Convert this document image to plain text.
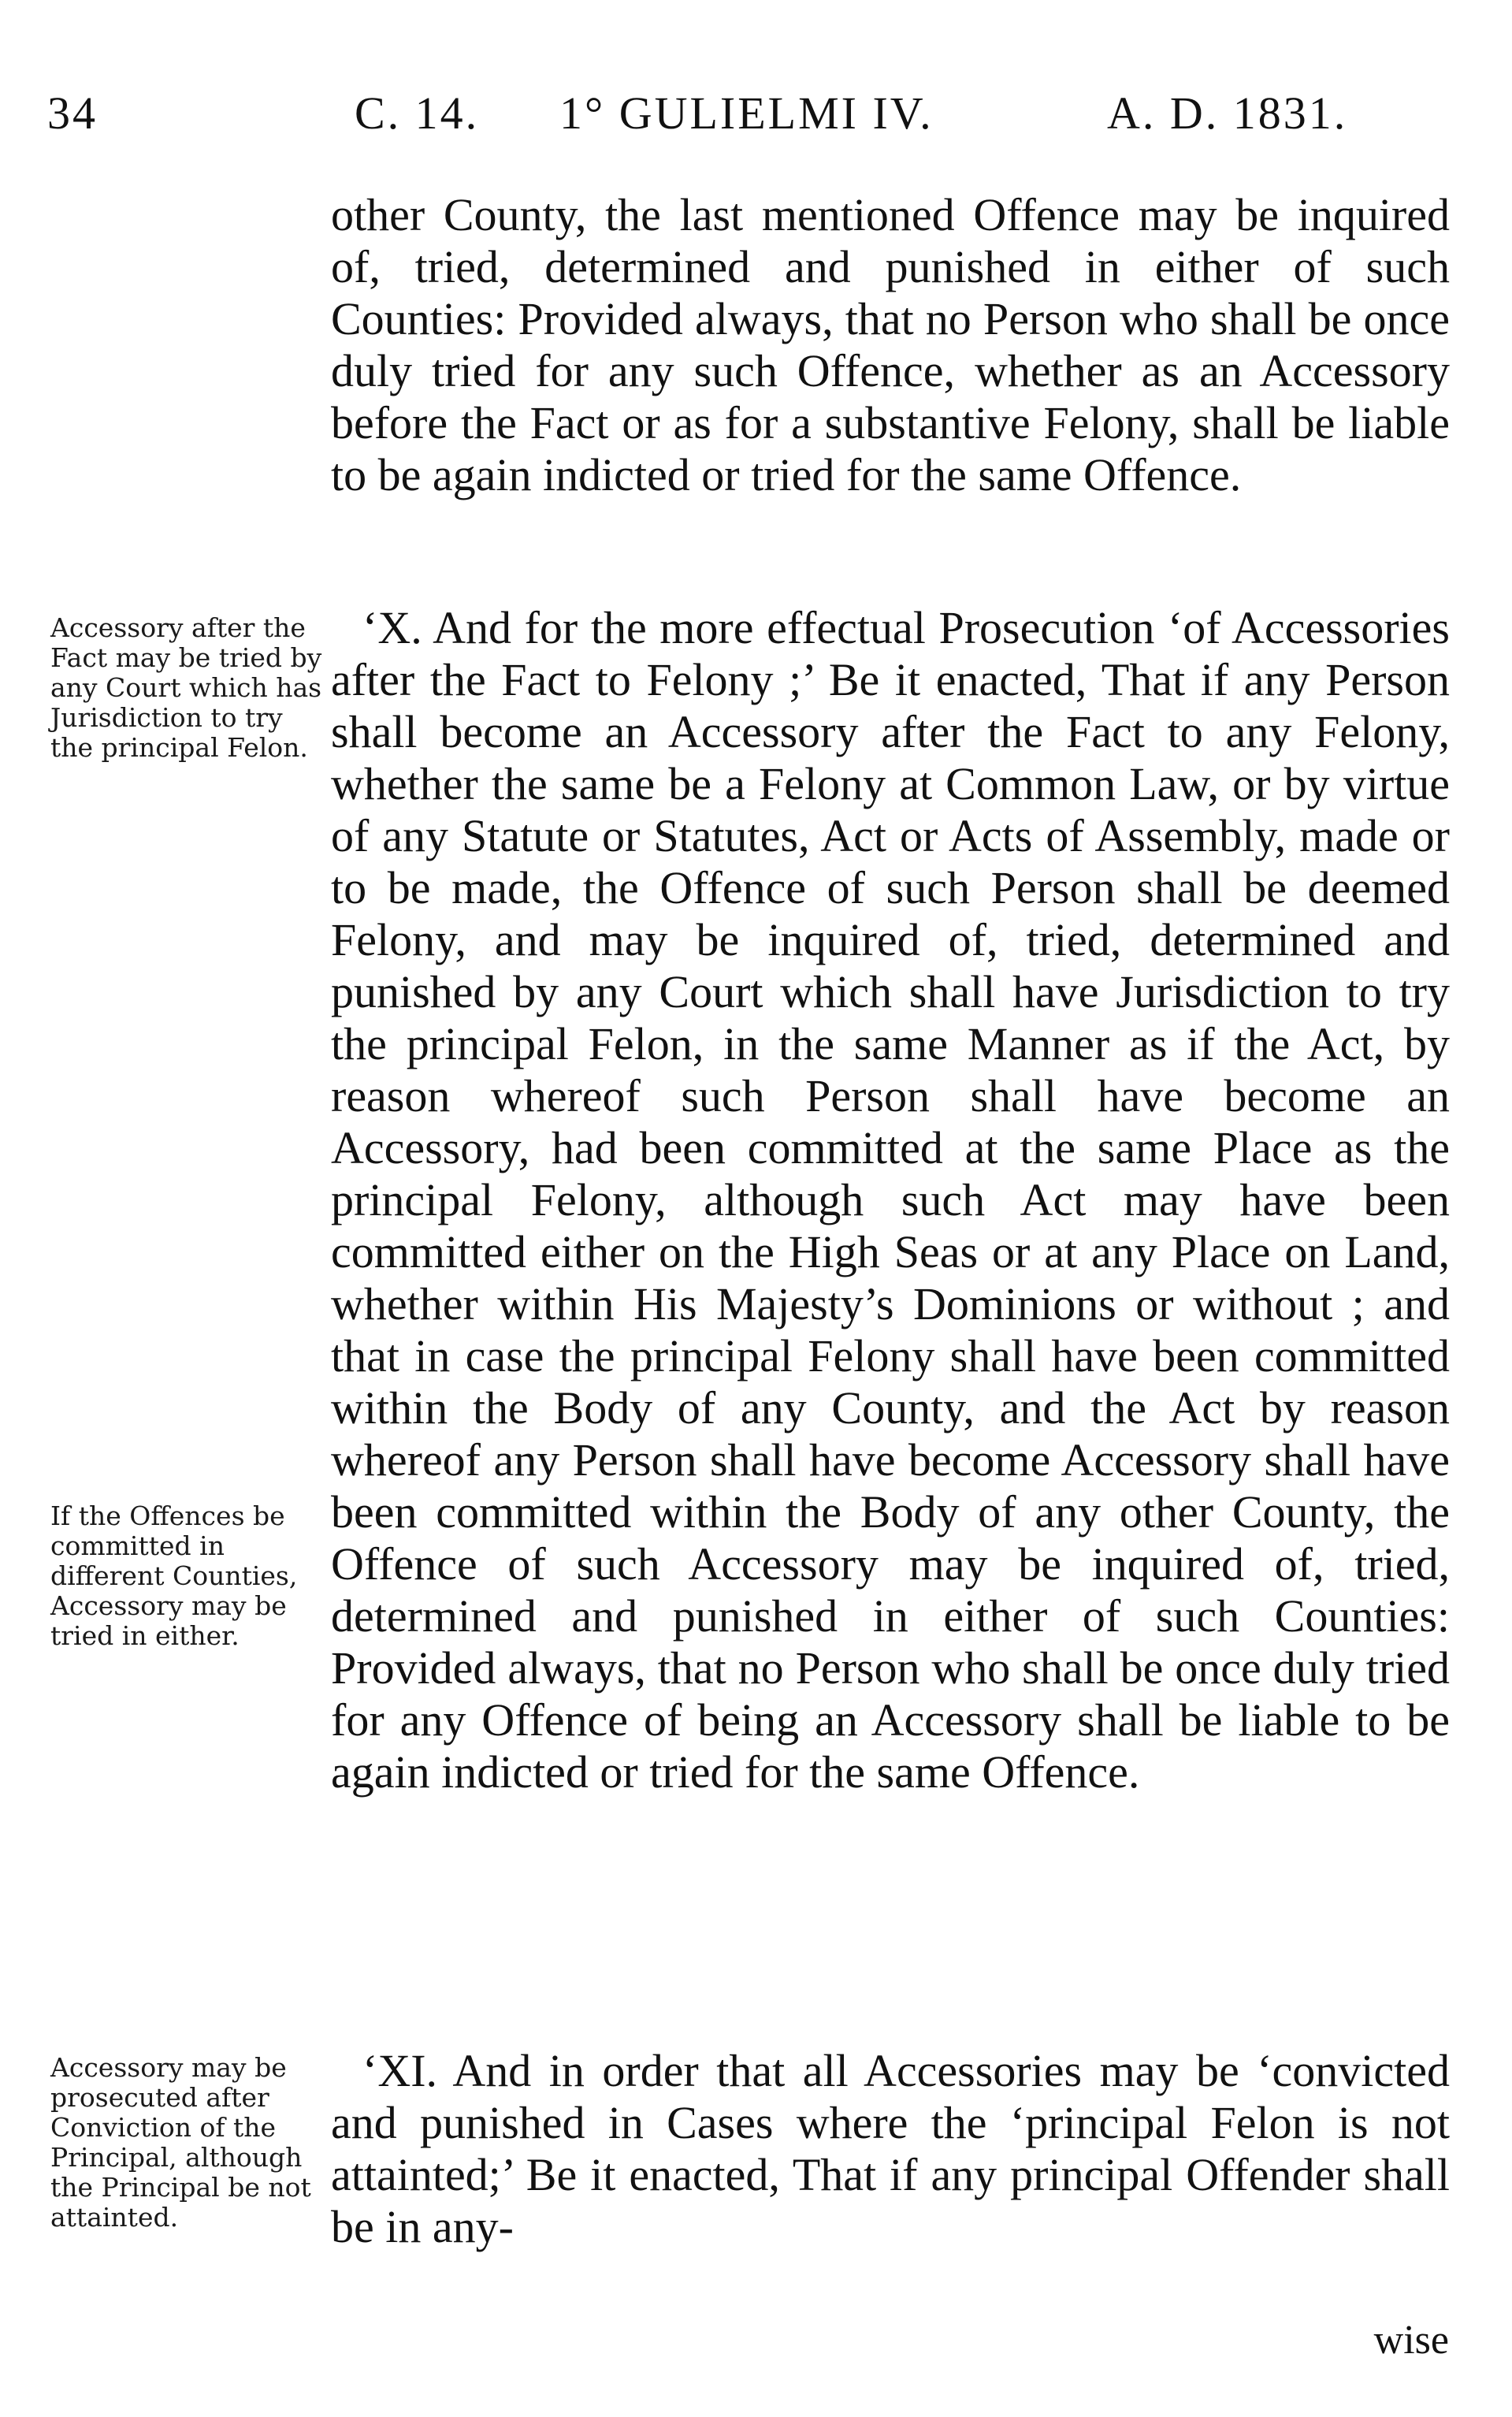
34	C. 14. 1° GULIELMI IV.	A. D. 1831.

other County, the last mentioned Offence may be inquired of, tried, determined and punished in either of such Counties: Provided always, that no Person who shall be once duly tried for any such Offence, whether as an Accessory before the Fact or as for a substantive Felony, shall be liable to be again indicted or tried for the same Offence.

Accessory after the Fact may be tried by any Court which has Jurisdiction to try the principal Felon.

‘X. And for the more effectual Prosecution ‘of Accessories after the Fact to Felony ;’ Be it enacted, That if any Person shall become an Accessory after the Fact to any Felony, whether the same be a Felony at Common Law, or by virtue of any Statute or Statutes, Act or Acts of Assembly, made or to be made, the Offence of such Person shall be deemed Felony, and may be inquired of, tried, determined and punished by any Court which shall have Jurisdiction to try the principal Felon, in the same Manner as if the Act, by reason whereof such Person shall have become an Accessory, had been committed at the same Place as the principal Felony, although such Act may have been committed either on the High Seas or at any Place on Land, whether within His Majesty’s Dominions or without ; and that in case the principal Felony shall have been committed within the Body of any County, and the Act by reason whereof any Person shall have become Accessory shall have been committed within the Body of any other County, the Offence of such Accessory may be inquired of, tried, determined and punished in either of such Counties: Provided always, that no Person who shall be once duly tried for any Offence of being an Accessory shall be liable to be again indicted or tried for the same Offence.

If the Offences be committed in different Counties, Accessory may be tried in either.
Accessory may be prosecuted after Conviction of the Principal, although the Principal be not attainted.

‘XI. And in order that all Accessories may be ‘convicted and punished in Cases where the ‘principal Felon is not attainted;’ Be it enacted, That if any principal Offender shall be in any-

wise
